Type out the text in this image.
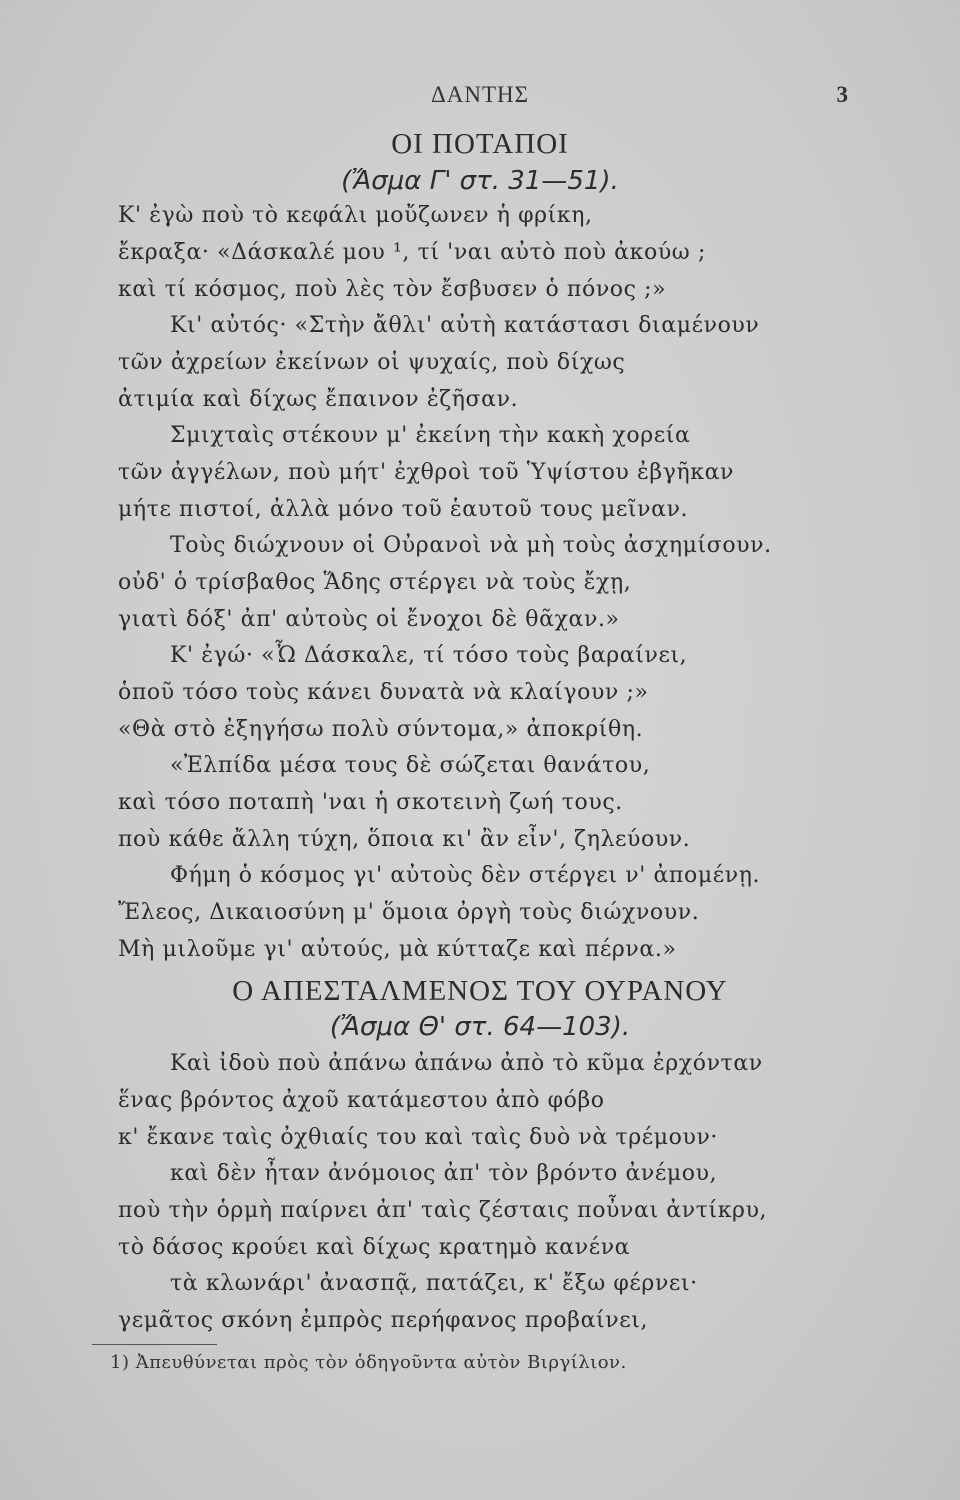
ΔΑΝΤΗΣ	3
ΟΙ ΠΟΤΑΠΟΙ
(Ἄσμα Γ' στ. 31—51).
Κ' ἐγὼ ποὺ τὸ κεφάλι μοὔζωνεν ἡ φρίκη,
ἔκραξα· «Δάσκαλέ μου ¹, τί 'ναι αὐτὸ ποὺ ἀκούω ;
καὶ τί κόσμος, ποὺ λὲς τὸν ἔσβυσεν ὁ πόνος ;»
Κι' αὐτός· «Στὴν ἄθλι' αὐτὴ κατάστασι διαμένουν
τῶν ἀχρείων ἐκείνων οἱ ψυχαίς, ποὺ δίχως
ἀτιμία καὶ δίχως ἔπαινον ἐζῆσαν.
Σμιχταὶς στέκουν μ' ἐκείνη τὴν κακὴ χορεία
τῶν ἀγγέλων, ποὺ μήτ' ἐχθροὶ τοῦ Ὑψίστου ἐβγῆκαν
μήτε πιστοί, ἀλλὰ μόνο τοῦ ἑαυτοῦ τους μεῖναν.
Τοὺς διώχνουν οἱ Οὐρανοὶ νὰ μὴ τοὺς ἀσχημίσουν.
οὐδ' ὁ τρίσβαθος Ἅδης στέργει νὰ τοὺς ἔχῃ,
γιατὶ δόξ' ἀπ' αὐτοὺς οἱ ἔνοχοι δὲ θᾶχαν.»
Κ' ἐγώ· «Ὦ Δάσκαλε, τί τόσο τοὺς βαραίνει,
ὁποῦ τόσο τοὺς κάνει δυνατὰ νὰ κλαίγουν ;»
«Θὰ στὸ ἐξηγήσω πολὺ σύντομα,» ἀποκρίθη.
«Ἐλπίδα μέσα τους δὲ σώζεται θανάτου,
καὶ τόσο ποταπὴ 'ναι ἡ σκοτεινὴ ζωή τους.
ποὺ κάθε ἄλλη τύχη, ὅποια κι' ἂν εἶν', ζηλεύουν.
Φήμη ὁ κόσμος γι' αὐτοὺς δὲν στέργει ν' ἀπομένῃ.
Ἔλεος, Δικαιοσύνη μ' ὅμοια ὀργὴ τοὺς διώχνουν.
Μὴ μιλοῦμε γι' αὐτούς, μὰ κύτταζε καὶ πέρνα.»
Ο ΑΠΕΣΤΑΛΜΕΝΟΣ ΤΟΥ ΟΥΡΑΝΟΥ
(Ἄσμα Θ' στ. 64—103).
Καὶ ἰδοὺ ποὺ ἀπάνω ἀπάνω ἀπὸ τὸ κῦμα ἐρχόνταν
ἕνας βρόντος ἀχοῦ κατάμεστου ἀπὸ φόβο
κ' ἔκανε ταὶς ὀχθιαίς του καὶ ταὶς δυὸ νὰ τρέμουν·
καὶ δὲν ἦταν ἀνόμοιος ἀπ' τὸν βρόντο ἀνέμου,
ποὺ τὴν ὁρμὴ παίρνει ἀπ' ταὶς ζέσταις ποὖναι ἀντίκρυ,
τὸ δάσος κρούει καὶ δίχως κρατημὸ κανένα
τὰ κλωνάρι' ἀνασπᾷ, πατάζει, κ' ἔξω φέρνει·
γεμᾶτος σκόνη ἐμπρὸς περήφανος προβαίνει,
1) Ἀπευθύνεται πρὸς τὸν ὁδηγοῦντα αὐτὸν Βιργίλιον.
